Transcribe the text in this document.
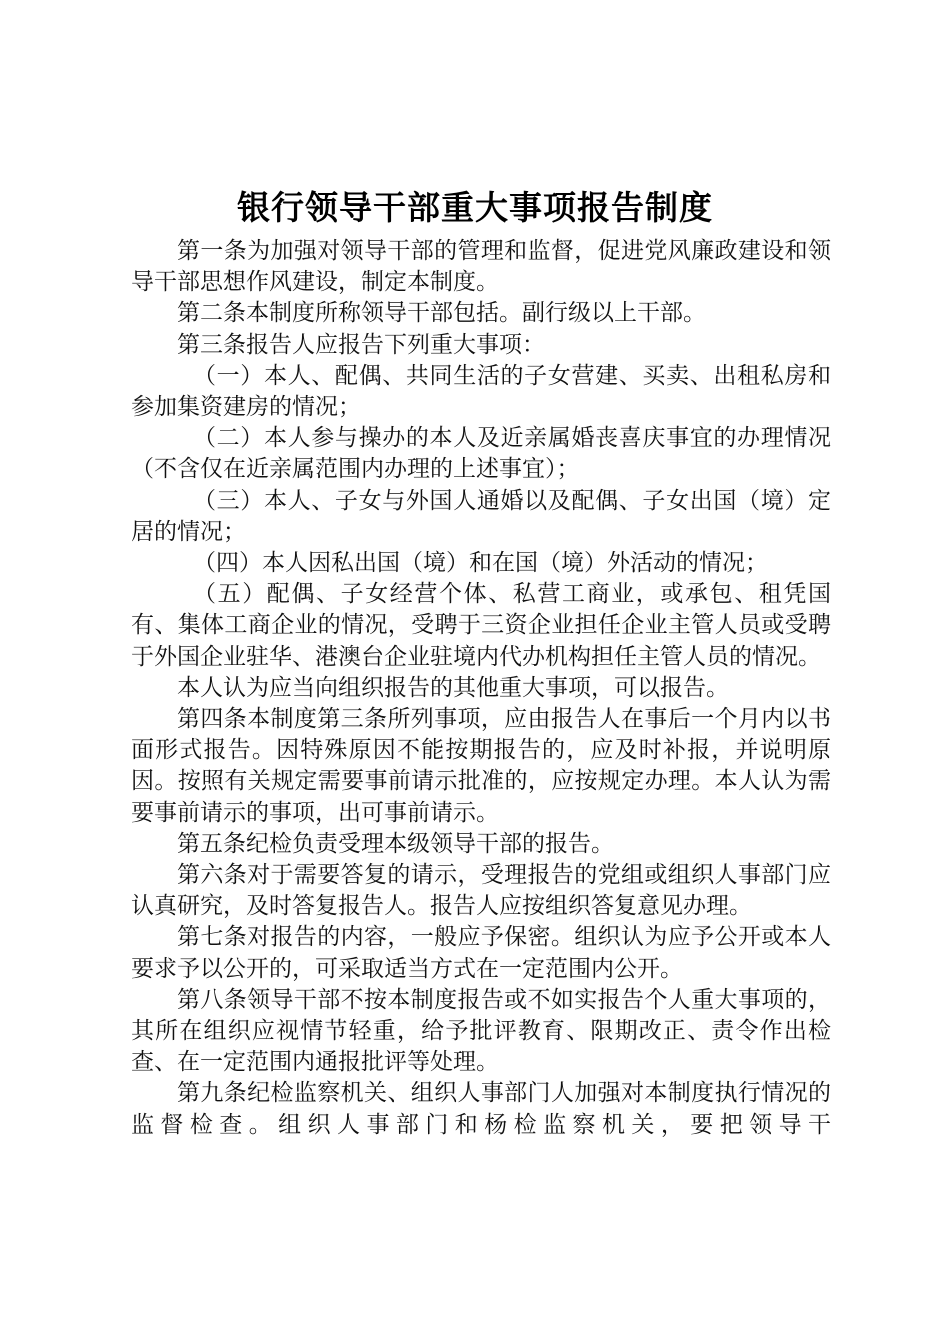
银行领导干部重大事项报告制度

第一条为加强对领导干部的管理和监督，促进党风廉政建设和领导干部思想作风建设，制定本制度。

第二条本制度所称领导干部包括。副行级以上干部。

第三条报告人应报告下列重大事项：

（一）本人、配偶、共同生活的子女营建、买卖、出租私房和参加集资建房的情况；

（二）本人参与操办的本人及近亲属婚丧喜庆事宜的办理情况（不含仅在近亲属范围内办理的上述事宜）；

（三）本人、子女与外国人通婚以及配偶、子女出国（境）定居的情况；

（四）本人因私出国（境）和在国（境）外活动的情况；

（五）配偶、子女经营个体、私营工商业，或承包、租凭国有、集体工商企业的情况，受聘于三资企业担任企业主管人员或受聘于外国企业驻华、港澳台企业驻境内代办机构担任主管人员的情况。

本人认为应当向组织报告的其他重大事项，可以报告。

第四条本制度第三条所列事项，应由报告人在事后一个月内以书面形式报告。因特殊原因不能按期报告的，应及时补报，并说明原因。按照有关规定需要事前请示批准的，应按规定办理。本人认为需要事前请示的事项，出可事前请示。

第五条纪检负责受理本级领导干部的报告。

第六条对于需要答复的请示，受理报告的党组或组织人事部门应认真研究，及时答复报告人。报告人应按组织答复意见办理。

第七条对报告的内容，一般应予保密。组织认为应予公开或本人要求予以公开的，可采取适当方式在一定范围内公开。

第八条领导干部不按本制度报告或不如实报告个人重大事项的，其所在组织应视情节轻重，给予批评教育、限期改正、责令作出检查、在一定范围内通报批评等处理。

第九条纪检监察机关、组织人事部门人加强对本制度执行情况的监督检查。组织人事部门和杨检监察机关，要把领导干
